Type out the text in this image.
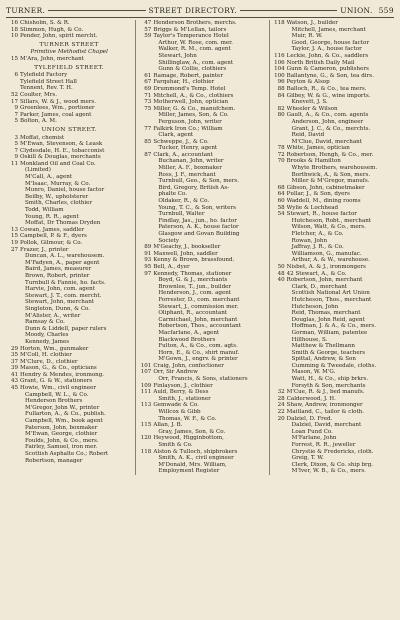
TURNER.	STREET DIRECTORY.	UNION. 559
16 Chisholm, S. & R.
18 Slimmon, Hugh, & Co.
10 Pender, John, spirit mercht.
TURNER STREET
Primitive Methodist Chapel
15 M'Ara, John, merchant
TYLEFIELD STREET.
6 Tylefield Factory
Tylefield Street Hall
Tennent, Rev. T. H.
52 Coulter, Mrs.
17 Sillars, W. & J., wood mers.
9 Greenlees, Wm., portioner
7 Parker, James, coal agent
5 Bolton, A. M.
UNION STREET.
3 Moffat, chemist
5 M'Ewan, Stevenson, & Leask
7 Clydesdale, H. E., tobacconist
9 Oskill & Douglas, merchants
11 Monkland Oil and Coal Co.
(Limited)
M'Call, A., agent
M'Isaac, Murray, & Co.
Munro, Daniel, house factor
Beilby, W., upholsterer
Smith, Charles, clothier
Todd, William
Young, R. R., agent
Moffat, Dr Thomas Dryden
13 Cowan, James, saddler
15 Campbell, P. & F., dyers
19 Pollok, Gilmour, & Co.
27 Frazer, J., printer
Duncan, A. L., warehousem.
M'Fadyen, A., paper agent
Baird, James, measurer
Brown, Robert, printer
Turnbull & Fannie, ho. facts.
Harvie, John, com. agent
Stewart, J. T., com. mercht.
Stewart, John, merchant
Singleton, Dunn, & Co.
M'Alister, A., writer
Ramsay & Co.
Dunn & Liddell, paper rulers
Moody, Charles
Kennedy, James
29 Horton, Wm., gunmaker
35 M'Coll, H. clothier
37 M'Clure, D., clothier
39 Mason, G., & Co., opticians
41 Hendry & Mendes, ironmong.
43 Grant, G. & W., stationers
45 Howie, Wm., civil engineer
Campbell, W. L., & Co.
Henderson Brothers
M'Gregor, John W., printer
Fullarton, A., & Co., publish.
Campbell, Wm., book agent
Paterson, John, boxmaker
M'Ewan, George, clothier
Foulds, John, & Co., mers.
Fairley, Samuel, iron mer.
Scottish Asphalte Co.; Robert
Robertson, manager
47 Henderson Brothers, merchs.
57 Briggs & M'Lellan, tailors
59 Taylor's Temperance Hotel
Arthur, W. Rose, com. mer.
Walker, R. M., com. agent
Stewart, John
Shillinglaw, A., com. agent
Gunn & Collie, clothiers
61 Ramage, Robert, painter
67 Farquhar, H., clothier
69 Drummond's Temp. Hotel
71 Mitchell, A., & Co., clothiers
73 Motherwell, John, optician
75 Miller, G. & Co., manufchem.
Miller, James, Son, & Co.
Ferguson, John, writer
77 Falkirk Iron Co.; William
Clark, agent
85 Schweppe, J., & Co.
Tucker, Henry, agent
87 Clark, A., accountant
Buchanan, John, writer
Miller, A. F., boxmaker
Ross, J. F., merchant
Turnbull, Geo., & Son, mers.
Bird, Gregory, British As-
phalte Co.
Oldaker, R., & Co.
Young, T. C., & Son, writers
Turnbull, Walter
Findlay, Jas., jun., ho. factor
Paterson, A. K., house factor
Glasgow and Govan Building
Society
89 M'Geachy, J., bookseller
91 Maxwell, John, saddler
93 Kenny & Brown, brassfound.
95 Bell, A., dyer
97 Kennedy, Thomas, stationer
Boyd, G. & J., merchants
Brownlee, T., jun., builder
Henderson, J., com. agent
Forrester, D., com. merchant
Stewart, J., commission mer.
Oliphant, R., accountant
Carmichael, John, merchant
Robertson, Thos., accountant
Macfarlane, A., agent
Blackwood Brothers
Fulton, A., & Co., com. agts.
Horn, E., & Co., shirt manuf.
M'Gown, J., engrv. & printer
101 Craig, John, confectioner
107 Orr, Sir Andrew
Orr, Francis, & Sons, stationers
109 Finlayson, J., clothier
111 Auld, Berry, & Dess
Smith, J., stationer
113 Gemwade & Co.
Willcox & Gibb
Thomas, W. F., & Co.
115 Allan, J. B.
Gray, James, Son, & Co.
120 Heywood, Higginbottom,
Smith & Co.
118 Alston & Tulloch, shipbrokers
Smith, A. K., civil engineer
M'Donald, Mrs. William,
Employment Register
118 Watson, J., builder
Mitchell, James, merchant
Muir, R. W.
Good, George, house factor
Taylor, J. A., house factor
116 Leckie, John, & Co., saddlers
106 North British Daily Mail
104 Gunn & Cameron, publishers
100 Ballantyne, G., & Son, tea dirs.
96 Peyton & Alsop
88 Balloch, R., & Co., tea mers.
84 Gilbey, W. & G., wine imports.
Knevett, J. S.
82 Wheeler & Wilson
80 Gault, A., & Co., com. agents
Anderson, John, engineer
Grant, J. C., & Co., merchts.
Reid, David
M'Clue, David, merchant
78 White, James, optician
72 Robertson, Hengh, & Co., mer.
70 Brooks & Hamilton
Whyte Brothers, warehousem.
Borthwick, A., & Son, mers.
Miller & M'Gregor, manufs.
68 Gibson, John, cabinetmaker
64 Pullar, J., & Son, dyers
60 Waddell, M., dining rooms
58 Wylie & Lochhead
54 Stewart, R., house factor
Hutcheson, Robt., merchant
Wilson, Watt, & Co., mers.
Fletcher, A., & Co.
Rowan, John
Jaffray, J. R., & Co.
Williamson, G., manufac.
Arthur, A. & W., warehouse.
50 Nisbet, A. & J., ironmongers
48 42 Stewart, A., & Co.
40 Robertson, John, merchant
Clark, D., merchant
Scottish National Art Union
Hutcheson, Thos., merchant
Hutcheson, John
Reid, Thomas, merchant
Douglas, John Reid, agent
Hoffman, J. & A., & Co., mers.
Gorman, William, patentee
Hillhouse, S.
Matthew & Thellmann
Smith & George, teachers
Spittal, Andrew, & Son
Cumming & Tweedale, cloths.
Mason, W. M'G.
Watt, H., & Co., ship brkrs.
Forsyth & Son, merchants
32 M'Cue, R. & J., bed manufs.
28 Calderwood, J. H.
24 Shaw, Andrew, ironmonger
22 Maitland, C., tailor & cloth.
20 Dalziel, D. Fred.
Dalziel, David, merchant
Loan Fund Co.
M'Farlane, John
Forrest, R. R., jeweller
Chrystie & Fredericks, cloth.
Greig, T. W.
Clerk, Dixon, & Co. ship brg.
M'Iver, W. B., & Co., mers.
